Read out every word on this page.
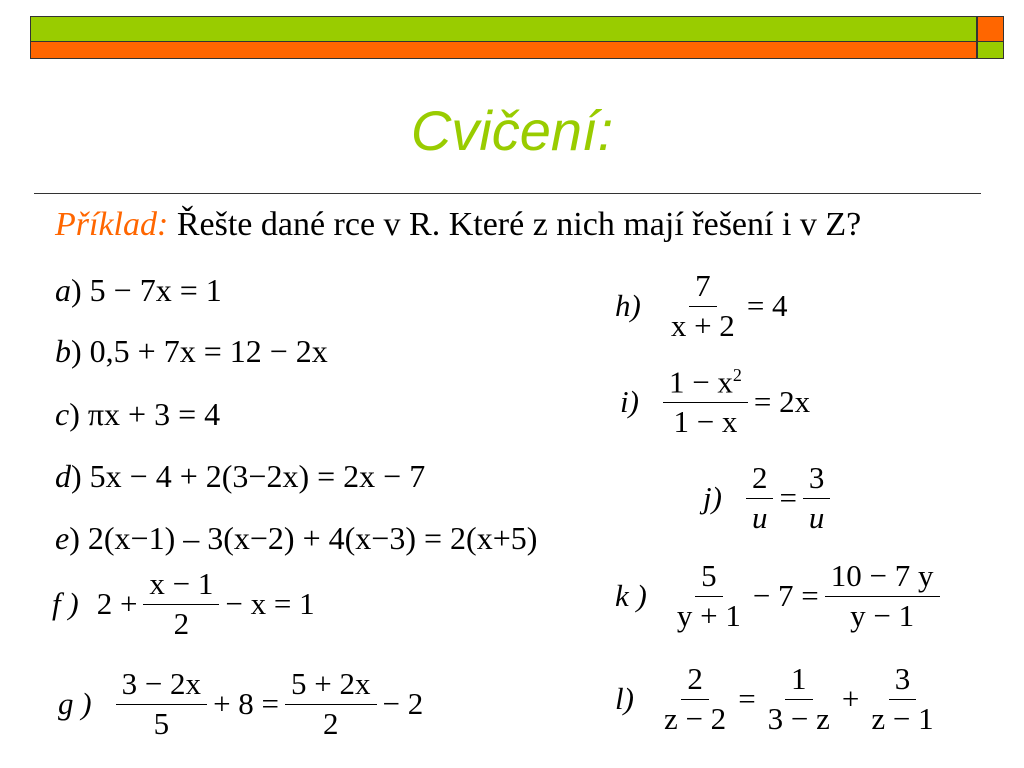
Cvičení:
Příklad: Řešte dané rce v R. Které z nich mají řešení i v Z?
a) 5 − 7x = 1
b) 0,5 + 7x = 12 − 2x
c) πx + 3 = 4
d) 5x − 4 + 2(3−2x) = 2x − 7
e) 2(x−1) – 3(x−2) + 4(x−3) = 2(x+5)
f ) $2 + \frac{x - 1}{2} - x = 1$
g ) $\frac{3 - 2x}{5} + 8 = \frac{5 + 2x}{2} - 2$
$h) \frac{7}{x + 2} = 4$
$i) \frac{1 - x^2}{1 - x} = 2x$
$j) \frac{2}{u} = \frac{3}{u}$
k ) $\frac{5}{y + 1} - 7 = \frac{10 - 7 y}{y - 1}$
$l) \frac{2}{z - 2} = \frac{1}{3 - z} + \frac{3}{z - 1}$
